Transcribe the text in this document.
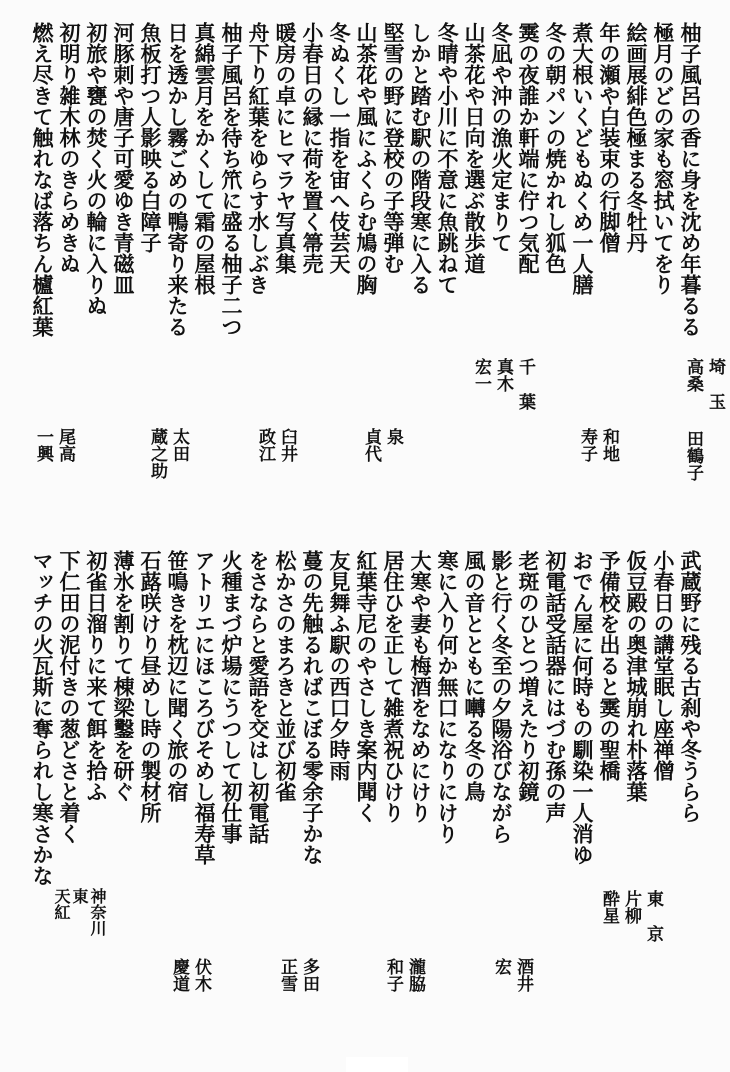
柚子風呂の香に身を沈め年暮るる
極月のどの家も窓拭いてをり
絵画展緋色極まる冬牡丹
年の瀬や白装束の行脚僧
煮大根いくどもぬくめ一人膳
冬の朝パンの焼かれし狐色
霙の夜誰か軒端に佇つ気配
冬凪や沖の漁火定まりて
山茶花や日向を選ぶ散歩道
冬晴や小川に不意に魚跳ねて
しかと踏む駅の階段寒に入る
堅雪の野に登校の子等弾む
山茶花や風にふくらむ鳩の胸
冬ぬくし一指を宙へ伎芸天
小春日の縁に荷を置く箒売
暖房の卓にヒマラヤ写真集
舟下り紅葉をゆらす水しぶき
柚子風呂を待ち笊に盛る柚子二つ
真綿雲月をかくして霜の屋根
日を透かし霧ごめの鴨寄り来たる
魚板打つ人影映る白障子
河豚刺や唐子可愛ゆき青磁皿
初旅や甕の焚く火の輪に入りぬ
初明り雑木林のきらめきぬ
燃え尽きて触れなば落ちん櫨紅葉
埼玉
高桑
田鶴子
和地
寿子
千葉
真木
宏一
泉
貞代
臼井
政江
太田
蔵之助
尾高
一興
武蔵野に残る古刹や冬うらら
小春日の講堂眠し座禅僧
仮豆殿の奥津城崩れ朴落葉
予備校を出ると霙の聖橋
おでん屋に何時もの馴染一人消ゆ
初電話受話器にはづむ孫の声
老斑のひとつ増えたり初鏡
影と行く冬至の夕陽浴びながら
風の音とともに囀る冬の鳥
寒に入り何か無口になりにけり
大寒や妻も梅酒をなめにけり
居住ひを正して雑煮祝ひけり
紅葉寺尼のやさしき案内聞く
友見舞ふ駅の西口夕時雨
蔓の先触るればこぼる零余子かな
松かさのまろきと並び初雀
をさならと愛語を交はし初電話
火種まづ炉場にうつして初仕事
アトリエにほころびそめし福寿草
笹鳴きを枕辺に聞く旅の宿
石蕗咲けり昼めし時の製材所
薄氷を割りて棟梁鑿を研ぐ
初雀日溜りに来て餌を拾ふ
下仁田の泥付きの葱どさと着く
マッチの火瓦斯に奪られし寒さかな
東京
片柳
酔星
酒井
宏
瀧脇
和子
多田
正雪
伏木
慶道
神奈川
東
天紅
